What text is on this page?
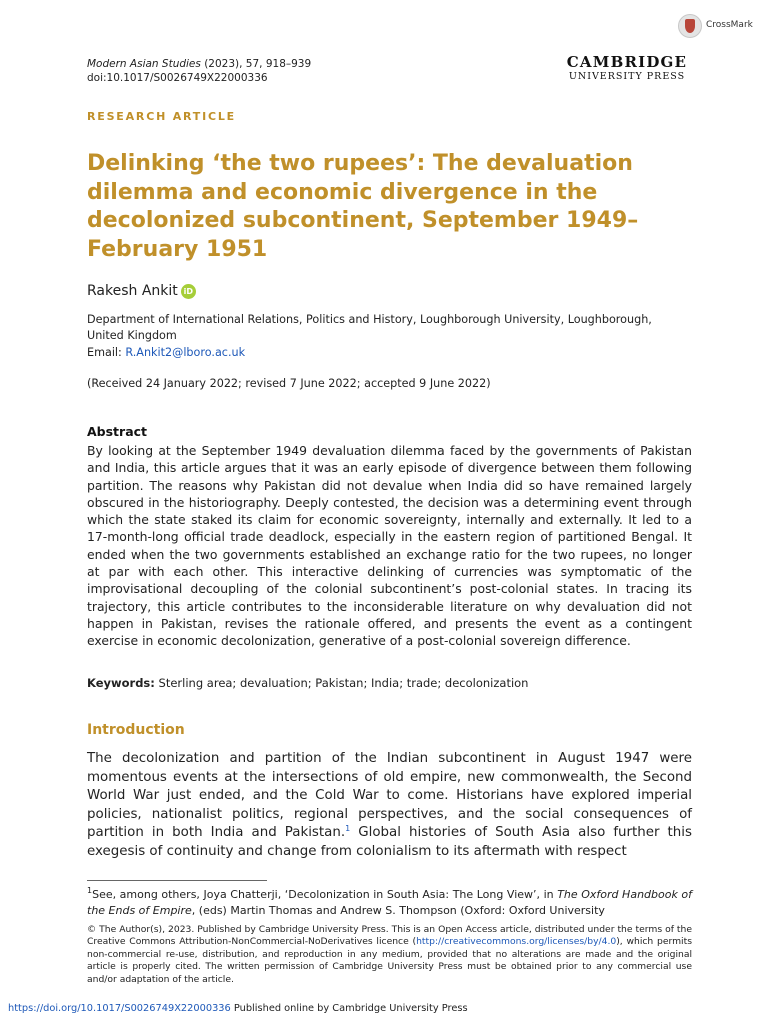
CrossMark
Modern Asian Studies (2023), 57, 918–939
doi:10.1017/S0026749X22000336
CAMBRIDGE
UNIVERSITY PRESS
RESEARCH ARTICLE
Delinking ‘the two rupees’: The devaluation dilemma and economic divergence in the decolonized subcontinent, September 1949–February 1951
Rakesh Ankit iD
Department of International Relations, Politics and History, Loughborough University, Loughborough, United Kingdom
Email: R.Ankit2@lboro.ac.uk
(Received 24 January 2022; revised 7 June 2022; accepted 9 June 2022)
Abstract

By looking at the September 1949 devaluation dilemma faced by the governments of Pakistan and India, this article argues that it was an early episode of divergence between them following partition. The reasons why Pakistan did not devalue when India did so have remained largely obscured in the historiography. Deeply contested, the decision was a determining event through which the state staked its claim for economic sovereignty, internally and externally. It led to a 17-month-long official trade deadlock, especially in the eastern region of partitioned Bengal. It ended when the two governments established an exchange ratio for the two rupees, no longer at par with each other. This interactive delinking of currencies was symptomatic of the improvisational decoupling of the colonial subcontinent’s post-colonial states. In tracing its trajectory, this article contributes to the inconsiderable literature on why devaluation did not happen in Pakistan, revises the rationale offered, and presents the event as a contingent exercise in economic decolonization, generative of a post-colonial sovereign difference.

Keywords: Sterling area; devaluation; Pakistan; India; trade; decolonization
Introduction

The decolonization and partition of the Indian subcontinent in August 1947 were momentous events at the intersections of old empire, new commonwealth, the Second World War just ended, and the Cold War to come. Historians have explored imperial policies, nationalist politics, regional perspectives, and the social consequences of partition in both India and Pakistan.$^1$ Global histories of South Asia also further this exegesis of continuity and change from colonialism to its aftermath with respect

$^1$See, among others, Joya Chatterji, ‘Decolonization in South Asia: The Long View’, in The Oxford Handbook of the Ends of Empire, (eds) Martin Thomas and Andrew S. Thompson (Oxford: Oxford University

© The Author(s), 2023. Published by Cambridge University Press. This is an Open Access article, distributed under the terms of the Creative Commons Attribution-NonCommercial-NoDerivatives licence (http://creativecommons.org/licenses/by/4.0), which permits non-commercial re-use, distribution, and reproduction in any medium, provided that no alterations are made and the original article is properly cited. The written permission of Cambridge University Press must be obtained prior to any commercial use and/or adaptation of the article.

https://doi.org/10.1017/S0026749X22000336 Published online by Cambridge University Press
